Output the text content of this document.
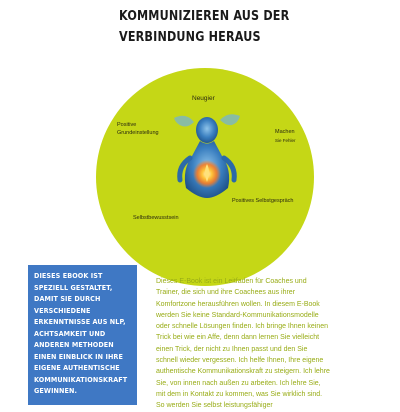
KOMMUNIZIEREN AUS DER
VERBINDUNG HERAUS
Neugier
Positive
Grundeinstellung	Machen
Sie Fehler
Positives Selbstgespräch
Selbstbewusstsein
DIESES EBOOK IST SPEZIELL GESTALTET, DAMIT SIE DURCH VERSCHIEDENE ERKENNTNISSE AUS NLP, ACHTSAMKEIT UND ANDEREN METHODEN EINEN EINBLICK IN IHRE EIGENE AUTHENTISCHE KOMMUNIKATIONSKRAFT GEWINNEN.
Dieses E-Book ist ein Leitfaden für Coaches und Trainer, die sich und ihre Coachees aus ihrer Komfortzone herausführen wollen. In diesem E-Book werden Sie keine Standard-Kommunikationsmodelle oder schnelle Lösungen finden. Ich bringe Ihnen keinen Trick bei wie ein Affe, denn dann lernen Sie vielleicht einen Trick, der nicht zu Ihnen passt und den Sie schnell wieder vergessen. Ich helfe Ihnen, Ihre eigene authentische Kommunikationskraft zu steigern. Ich lehre Sie, von innen nach außen zu arbeiten. Ich lehre Sie, mit dem in Kontakt zu kommen, was Sie wirklich sind. So werden Sie selbst leistungsfähiger
